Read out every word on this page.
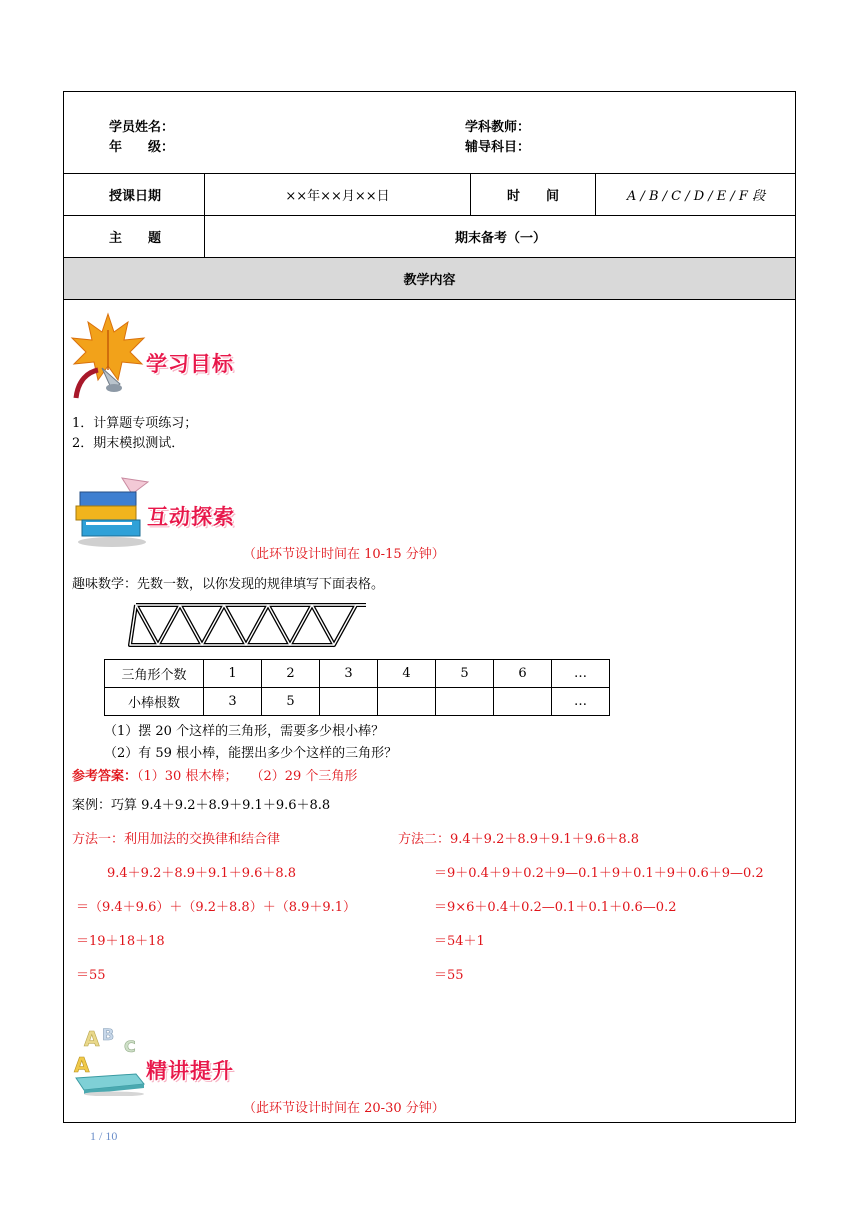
学员姓名：	学科教师：
年　　级：	辅导科目：
授课日期	××年××月××日	时　　间	A / B / C / D / E / F 段
主　　题	期末备考（一）
教学内容
学习目标
1．计算题专项练习；
2．期末模拟测试．
互动探索
（此环节设计时间在 10-15 分钟）
趣味数学：先数一数，以你发现的规律填写下面表格。
三角形个数	1	2	3	4	5	6	…
小棒根数	3	5					…
（1）摆 20 个这样的三角形，需要多少根小棒？
（2）有 59 根小棒，能摆出多少个这样的三角形？
参考答案：（1）30 根木棒；　　（2）29 个三角形
案例：巧算 9.4＋9.2＋8.9＋9.1＋9.6＋8.8
方法一：利用加法的交换律和结合律
9.4＋9.2＋8.9＋9.1＋9.6＋8.8
＝（9.4＋9.6）＋（9.2＋8.8）＋（8.9＋9.1）
＝19＋18＋18
＝55
方法二：9.4＋9.2＋8.9＋9.1＋9.6＋8.8
＝9＋0.4＋9＋0.2＋9—0.1＋9＋0.1＋9＋0.6＋9—0.2
＝9×6＋0.4＋0.2—0.1＋0.1＋0.6—0.2
＝54＋1
＝55
A B
C
A	精讲提升
（此环节设计时间在 20-30 分钟）
1 / 10
